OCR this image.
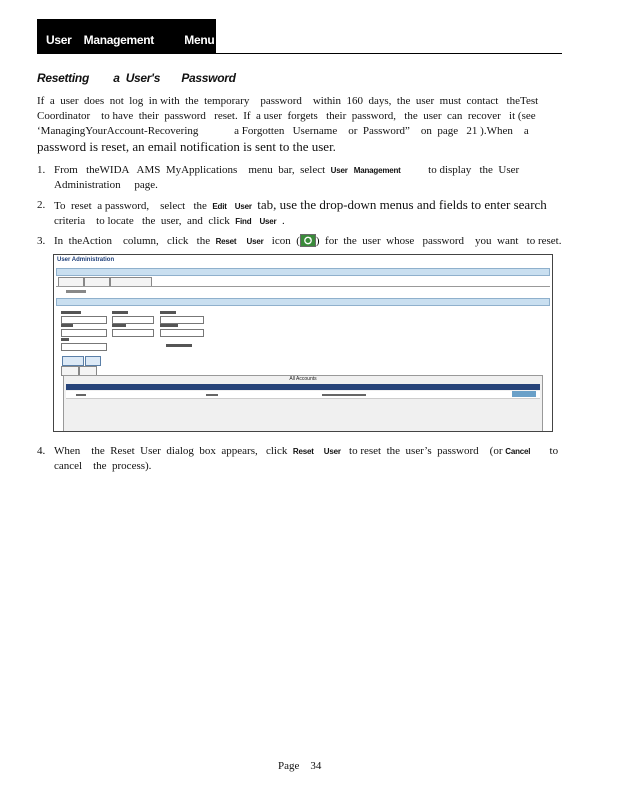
User    Management          Menu
Resetting        a  User's       Password
If  a  user  does  not  log  in with  the  temporary    password    within  160  days,  the  user  must  contact   theTest
Coordinator    to have  their  password   reset.  If  a user  forgets   their  password,   the  user  can  recover   it (see
‘ManagingYourAccount-Recovering             a Forgotten   Username    or  Password”    on  page   21 ).When    a
password is reset, an email notification is sent to the user.
1. From   theWIDA   AMS  MyApplications    menu  bar,  select  User   Management          to display   the  User
Administration     page.
2. To  reset  a password,    select   the  Edit    User tab, use the drop-down menus and fields to enter search
criteria    to locate   the  user,  and  click  Find    User  .
3. In  theAction    column,   click   the  Reset     User   icon  ( )  for  the  user  whose   password    you  want   to reset.
4. When    the  Reset  User  dialog  box  appears,   click  Reset     User   to reset  the  user’s  password    (or Cancel       to
cancel    the  process).
User Administration
All Accounts
Page    34
